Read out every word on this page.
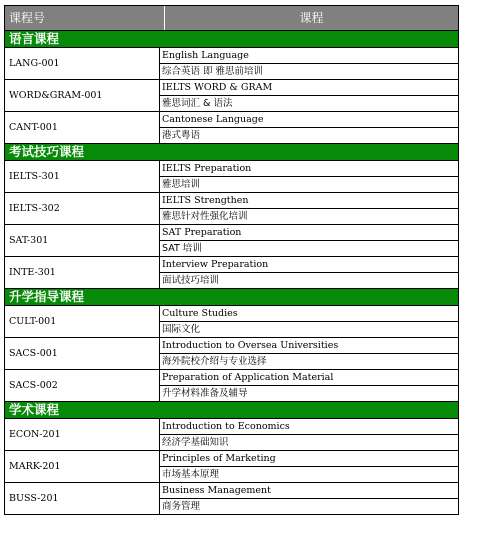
课程号	课程
语言课程
LANG-001
English Language
综合英语 即 雅思前培训
WORD&GRAM-001
IELTS WORD & GRAM
雅思词汇 & 语法
CANT-001
Cantonese Language
港式粤语
考试技巧课程
IELTS-301
IELTS Preparation
雅思培训
IELTS-302
IELTS Strengthen
雅思针对性强化培训
SAT-301
SAT Preparation
SAT 培训
INTE-301
Interview Preparation
面试技巧培训
升学指导课程
CULT-001
Culture Studies
国际文化
SACS-001
Introduction to Oversea Universities
海外院校介绍与专业选择
SACS-002
Preparation of Application Material
升学材料准备及辅导
学术课程
ECON-201
Introduction to Economics
经济学基础知识
MARK-201
Principles of Marketing
市场基本原理
BUSS-201
Business Management
商务管理
